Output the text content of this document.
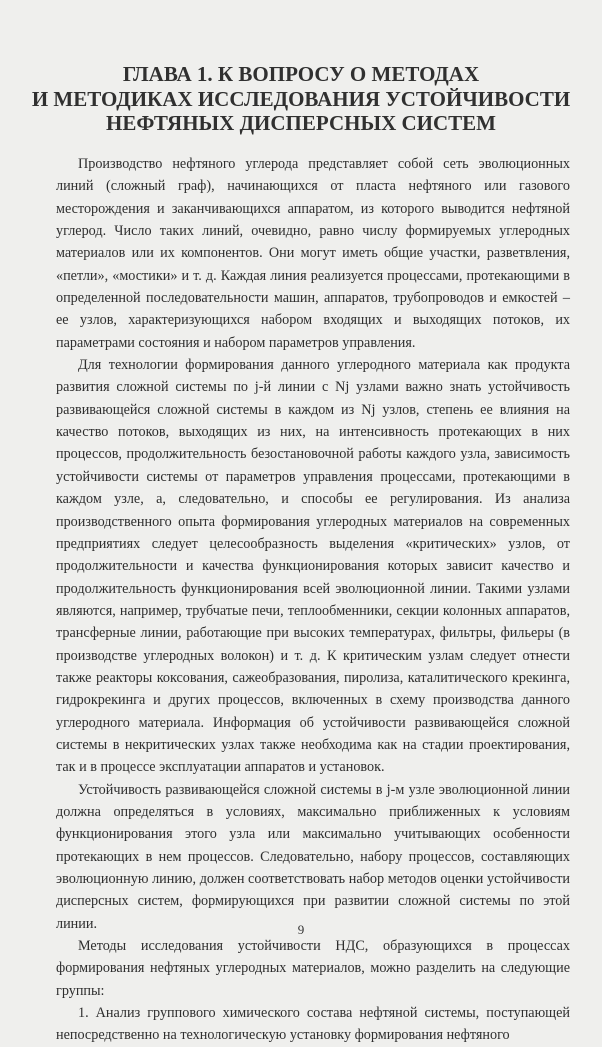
ГЛАВА 1. К ВОПРОСУ О МЕТОДАХ
И МЕТОДИКАХ ИССЛЕДОВАНИЯ УСТОЙЧИВОСТИ
НЕФТЯНЫХ ДИСПЕРСНЫХ СИСТЕМ

Производство нефтяного углерода представляет собой сеть эволюционных линий (сложный граф), начинающихся от пласта нефтяного или газового месторождения и заканчивающихся аппаратом, из которого выводится нефтяной углерод. Число таких линий, очевидно, равно числу формируемых углеродных материалов или их компонентов. Они могут иметь общие участки, разветвления, «петли», «мостики» и т. д. Каждая линия реализуется процессами, протекающими в определенной последовательности машин, аппаратов, трубопроводов и емкостей – ее узлов, характеризующихся набором входящих и выходящих потоков, их параметрами состояния и набором параметров управления.

Для технологии формирования данного углеродного материала как продукта развития сложной системы по j-й линии с Nj узлами важно знать устойчивость развивающейся сложной системы в каждом из Nj узлов, степень ее влияния на качество потоков, выходящих из них, на интенсивность протекающих в них процессов, продолжительность безостановочной работы каждого узла, зависимость устойчивости системы от параметров управления процессами, протекающими в каждом узле, а, следовательно, и способы ее регулирования. Из анализа производственного опыта формирования углеродных материалов на современных предприятиях следует целесообразность выделения «критических» узлов, от продолжительности и качества функционирования которых зависит качество и продолжительность функционирования всей эволюционной линии. Такими узлами являются, например, трубчатые печи, теплообменники, секции колонных аппаратов, трансферные линии, работающие при высоких температурах, фильтры, фильеры (в производстве углеродных волокон) и т. д. К критическим узлам следует отнести также реакторы коксования, сажеобразования, пиролиза, каталитического крекинга, гидрокрекинга и других процессов, включенных в схему производства данного углеродного материала. Информация об устойчивости развивающейся сложной системы в некритических узлах также необходима как на стадии проектирования, так и в процессе эксплуатации аппаратов и установок.

Устойчивость развивающейся сложной системы в j-м узле эволюционной линии должна определяться в условиях, максимально приближенных к условиям функционирования этого узла или максимально учитывающих особенности протекающих в нем процессов. Следовательно, набору процессов, составляющих эволюционную линию, должен соответствовать набор методов оценки устойчивости дисперсных систем, формирующихся при развитии сложной системы по этой линии.

Методы исследования устойчивости НДС, образующихся в процессах формирования нефтяных углеродных материалов, можно разделить на следующие группы:

1. Анализ группового химического состава нефтяной системы, поступающей непосредственно на технологическую установку формирования нефтяного

9
